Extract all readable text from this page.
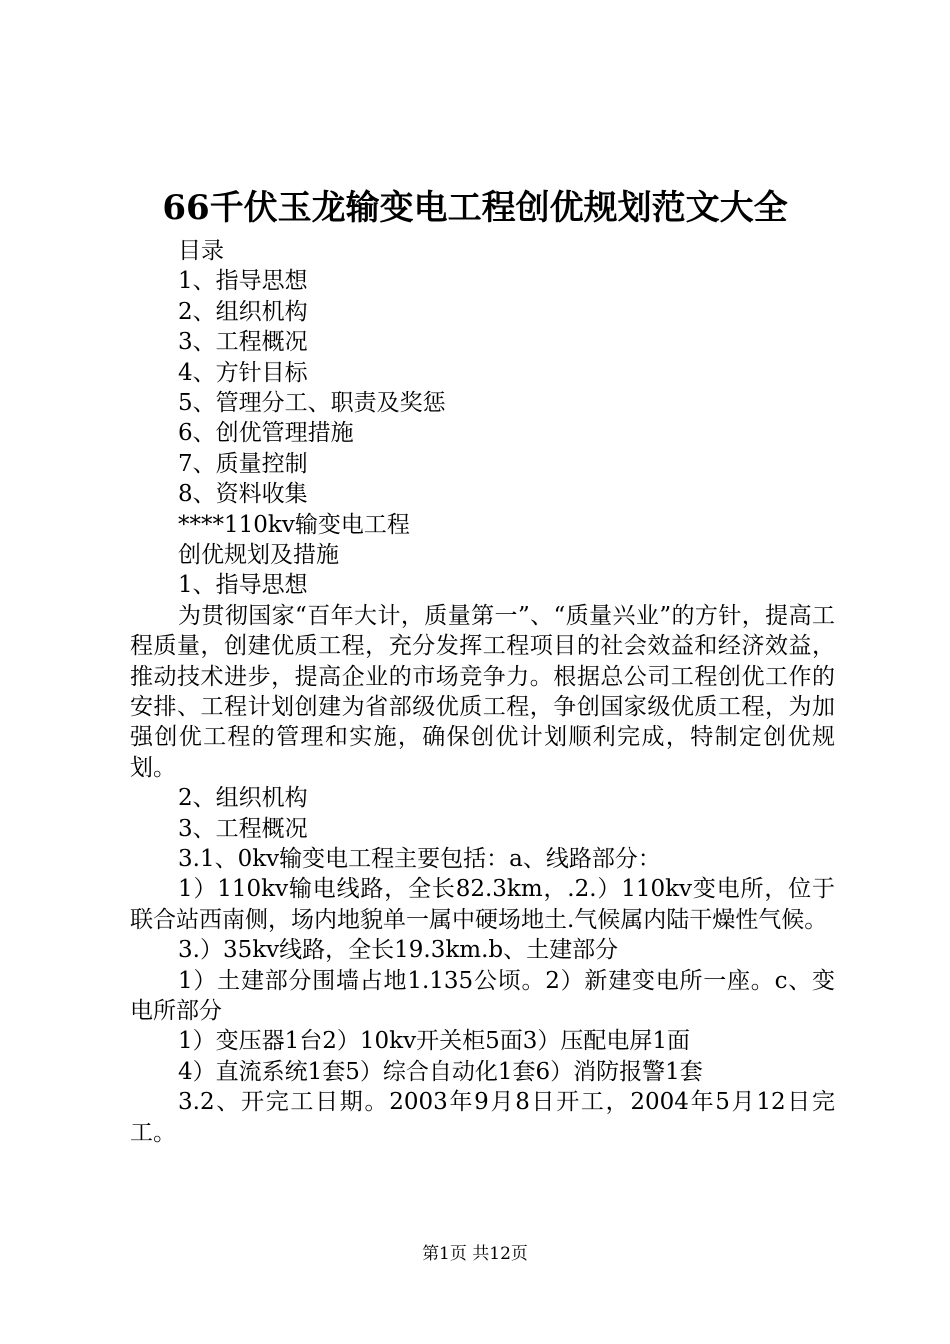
66千伏玉龙输变电工程创优规划范文大全
目录
1、指导思想
2、组织机构
3、工程概况
4、方针目标
5、管理分工、职责及奖惩
6、创优管理措施
7、质量控制
8、资料收集
****110kv输变电工程
创优规划及措施
1、指导思想
为贯彻国家“百年大计，质量第一”、“质量兴业”的方针，提高工程质量，创建优质工程，充分发挥工程项目的社会效益和经济效益，推动技术进步，提高企业的市场竞争力。根据总公司工程创优工作的安排、工程计划创建为省部级优质工程，争创国家级优质工程，为加强创优工程的管理和实施，确保创优计划顺利完成，特制定创优规划。
2、组织机构
3、工程概况
3.1、0kv输变电工程主要包括：a、线路部分：
1）110kv输电线路，全长82.3km，.2.）110kv变电所，位于联合站西南侧，场内地貌单一属中硬场地土.气候属内陆干燥性气候。
3.）35kv线路，全长19.3km.b、土建部分
1）土建部分围墙占地1.135公顷。2）新建变电所一座。c、变电所部分
1）变压器1台2）10kv开关柜5面3）压配电屏1面
4）直流系统1套5）综合自动化1套6）消防报警1套
3.2、开完工日期。2003年9月8日开工，2004年5月12日完工。
第1页 共12页
